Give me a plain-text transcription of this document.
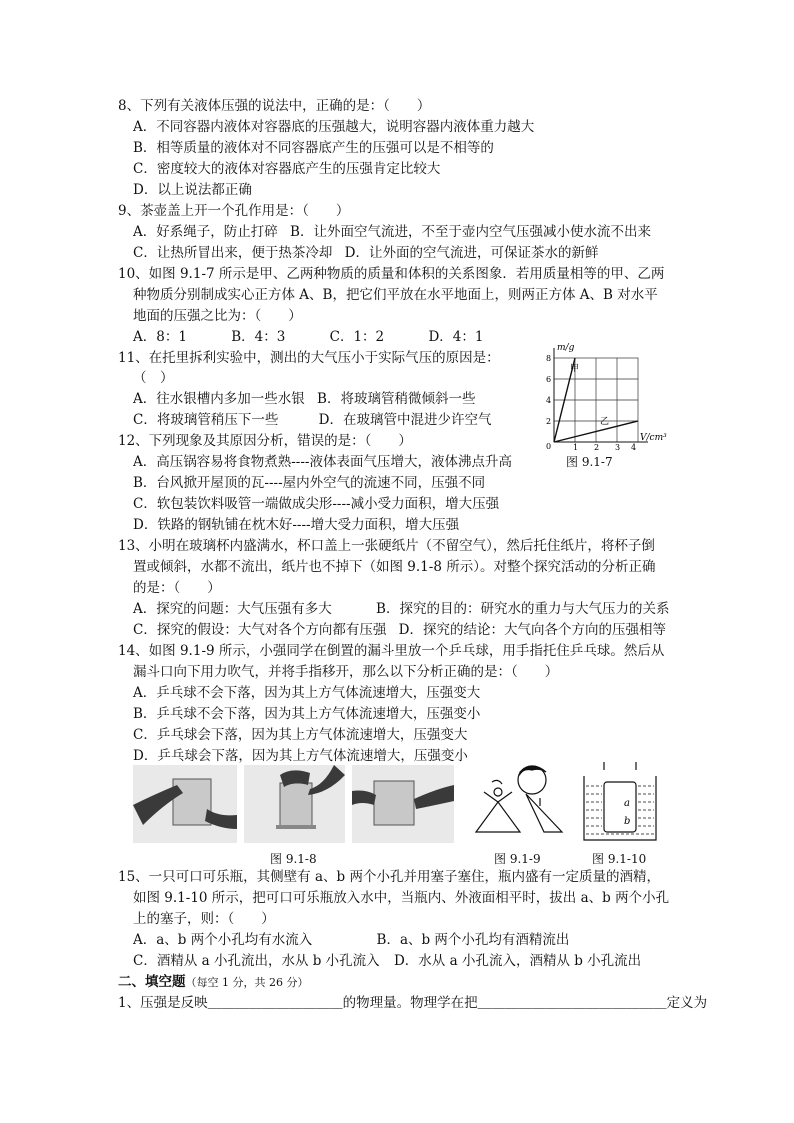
8、下列有关液体压强的说法中，正确的是：（　　）
A．不同容器内液体对容器底的压强越大，说明容器内液体重力越大
B．相等质量的液体对不同容器底产生的压强可以是不相等的
C．密度较大的液体对容器底产生的压强肯定比较大
D．以上说法都正确
9、茶壶盖上开一个孔作用是：（　　）
A．好系绳子，防止打碎 B．让外面空气流进，不至于壶内空气压强减小使水流不出来
C．让热所冒出来，便于热茶冷却 D．让外面的空气流进，可保证茶水的新鲜
10、如图 9.1-7 所示是甲、乙两种物质的质量和体积的关系图象．若用质量相等的甲、乙两
种物质分别制成实心正方体 A、B，把它们平放在水平地面上，则两正方体 A、B 对水平
地面的压强之比为：（　　）
A．8：1	B．4：3	C．1：2	D．4：1
11、在托里拆利实验中，测出的大气压小于实际气压的原因是：
（　）
A．往水银槽内多加一些水银 B．将玻璃管稍微倾斜一些
C．将玻璃管稍压下一些	D．在玻璃管中混进少许空气
m/g
V/cm³
8
6
4
2
0	1 2 3 4
甲
乙
图 9.1-7
12、下列现象及其原因分析，错误的是：（　　）
A．高压锅容易将食物煮熟----液体表面气压增大，液体沸点升高
B．台风掀开屋顶的瓦----屋内外空气的流速不同，压强不同
C．软包装饮料吸管一端做成尖形----减小受力面积，增大压强
D．铁路的钢轨铺在枕木好----增大受力面积，增大压强
13、小明在玻璃杯内盛满水，杯口盖上一张硬纸片（不留空气），然后托住纸片，将杯子倒
置或倾斜，水都不流出，纸片也不掉下（如图 9.1-8 所示）。对整个探究活动的分析正确
的是：（　　）
A．探究的问题：大气压强有多大	B．探究的目的：研究水的重力与大气压力的关系
C．探究的假设：大气对各个方向都有压强 D．探究的结论：大气向各个方向的压强相等
14、如图 9.1-9 所示，小强同学在倒置的漏斗里放一个乒乓球，用手指托住乒乓球。然后从
漏斗口向下用力吹气，并将手指移开，那么以下分析正确的是：（　　）
A．乒乓球不会下落，因为其上方气体流速增大，压强变大
B．乒乓球不会下落，因为其上方气体流速增大，压强变小
C．乒乓球会下落，因为其上方气体流速增大，压强变大
D．乒乓球会下落，因为其上方气体流速增大，压强变小
a
b
图 9.1-8	图 9.1-9	图 9.1-10
15、一只可口可乐瓶，其侧壁有 a、b 两个小孔并用塞子塞住，瓶内盛有一定质量的酒精，
如图 9.1-10 所示，把可口可乐瓶放入水中，当瓶内、外液面相平时，拔出 a、b 两个小孔
上的塞子，则：（　　）
A．a、b 两个小孔均有水流入	B．a、b 两个小孔均有酒精流出
C．酒精从 a 小孔流出，水从 b 小孔流入 D．水从 a 小孔流入，酒精从 b 小孔流出
二、填空题（每空 1 分，共 26 分）
1、压强是反映＿＿＿＿＿＿＿＿＿＿的物理量。物理学在把＿＿＿＿＿＿＿＿＿＿＿＿＿＿定义为
